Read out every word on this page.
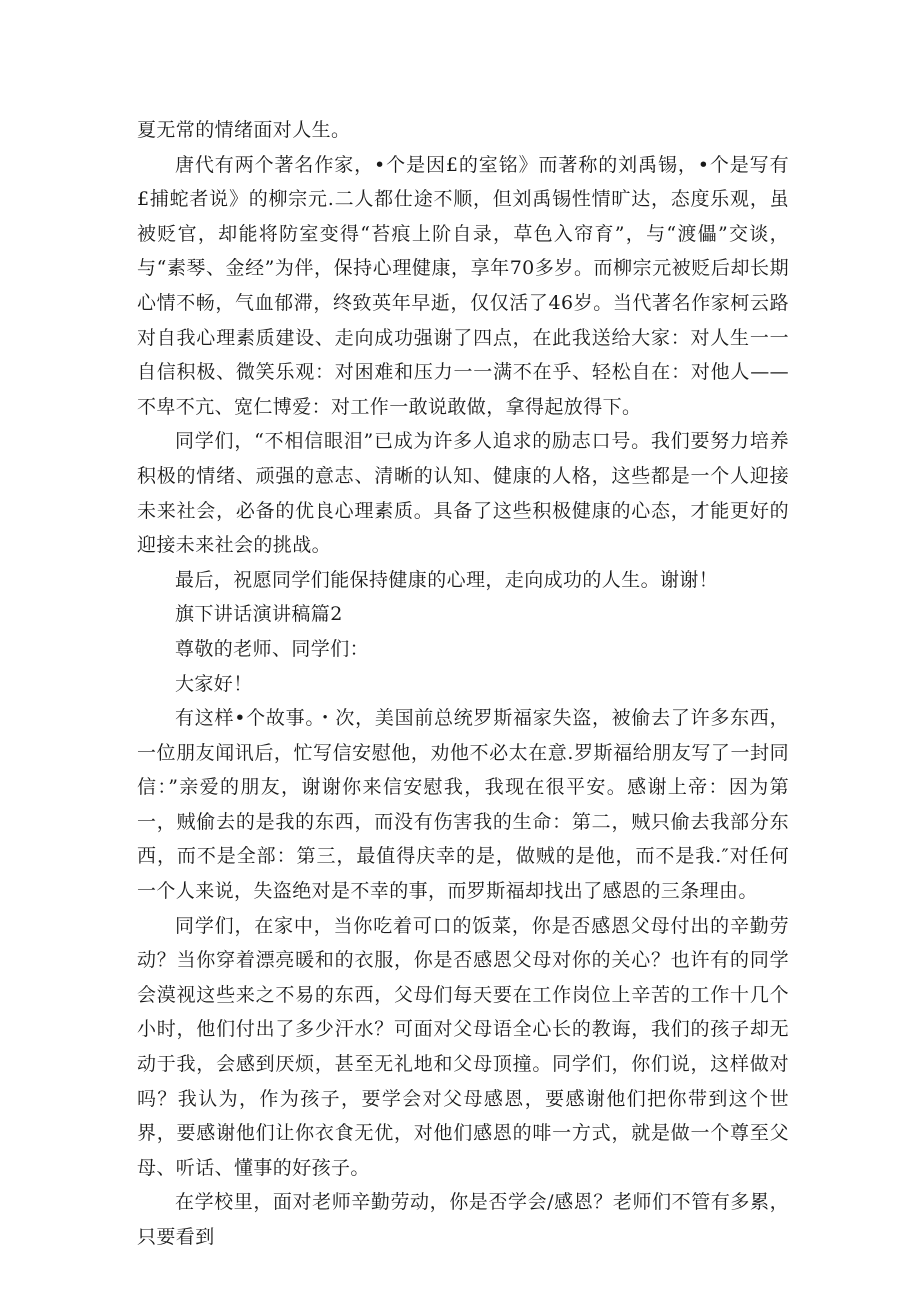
夏无常的情绪面对人生。

唐代有两个著名作家，•个是因£的室铭》而著称的刘禹锡，•个是写有£捕蛇者说》的柳宗元.二人都仕途不顺，但刘禹锡性情旷达，态度乐观，虽被贬官，却能将防室变得“苔痕上阶自录，草色入帘育”，与“渡儡”交谈，与“素琴、金经”为伴，保持心理健康，享年70多岁。而柳宗元被贬后却长期心情不畅，气血郁滞，终致英年早逝，仅仅活了46岁。当代著名作家柯云路对自我心理素质建设、走向成功强谢了四点，在此我送给大家：对人生一一自信积极、微笑乐观：对困难和压力一一满不在乎、轻松自在：对他人——不卑不亢、宽仁博爱：对工作一敢说敢做，拿得起放得下。

同学们，“不相信眼泪”已成为许多人追求的励志口号。我们要努力培养积极的情绪、顽强的意志、清晰的认知、健康的人格，这些都是一个人迎接未来社会，必备的优良心理素质。具备了这些积极健康的心态，才能更好的迎接未来社会的挑战。

最后，祝愿同学们能保持健康的心理，走向成功的人生。谢谢！

旗下讲话演讲稿篇2

尊敬的老师、同学们：

大家好！

有这样•个故事。・次，美国前总统罗斯福家失盗，被偷去了许多东西，一位朋友闻讯后，忙写信安慰他，劝他不必太在意.罗斯福给朋友写了一封同信：”亲爱的朋友，谢谢你来信安慰我，我现在很平安。感谢上帝：因为第一，贼偷去的是我的东西，而没有伤害我的生命：第二，贼只偷去我部分东西，而不是全部：第三，最值得庆幸的是，做贼的是他，而不是我.″对任何一个人来说，失盗绝对是不幸的事，而罗斯福却找出了感恩的三条理由。

同学们，在家中，当你吃着可口的饭菜，你是否感恩父母付出的辛勤劳动？当你穿着漂亮暖和的衣服，你是否感恩父母对你的关心？也许有的同学会漠视这些来之不易的东西，父母们每天要在工作岗位上辛苦的工作十几个小时，他们付出了多少汗水？可面对父母语全心长的教诲，我们的孩子却无动于我，会感到厌烦，甚至无礼地和父母顶撞。同学们，你们说，这样做对吗？我认为，作为孩子，要学会对父母感恩，要感谢他们把你带到这个世界，要感谢他们让你衣食无优，对他们感恩的啡一方式，就是做一个尊至父母、听话、懂事的好孩子。

在学校里，面对老师辛勤劳动，你是否学会/感恩？老师们不管有多累，只要看到
